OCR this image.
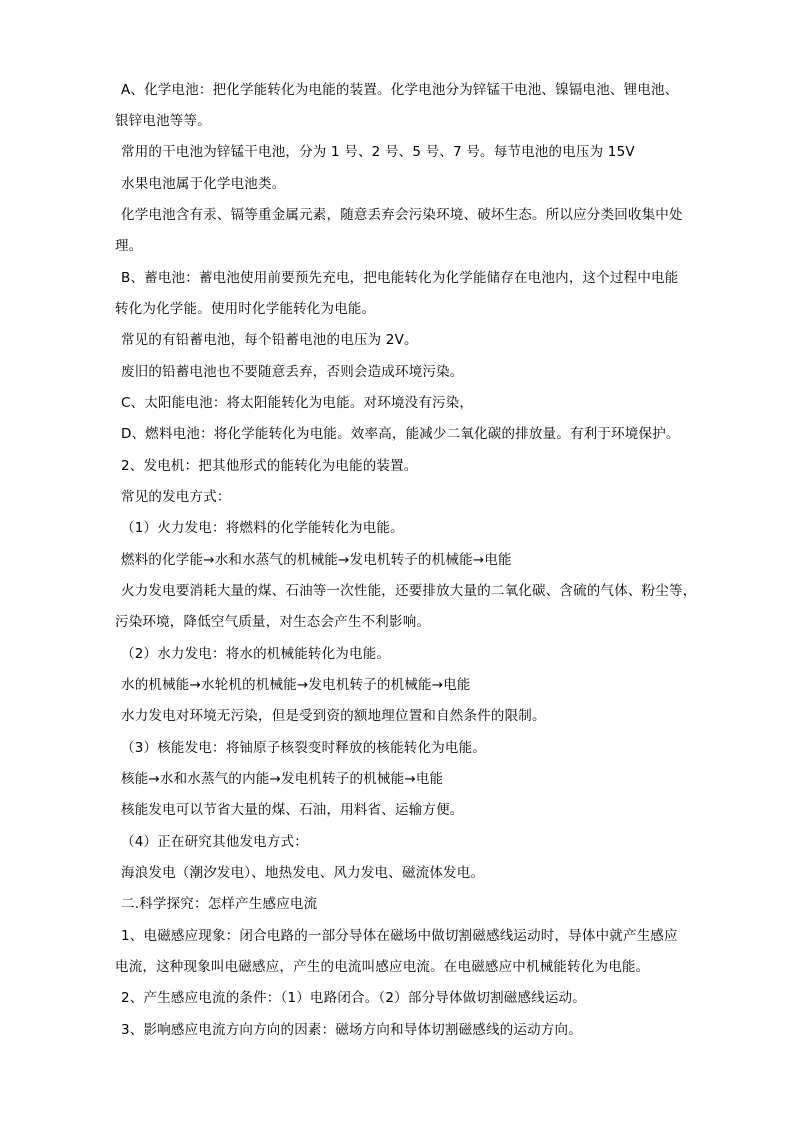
A、化学电池：把化学能转化为电能的装置。化学电池分为锌锰干电池、镍镉电池、锂电池、
银锌电池等等。
常用的干电池为锌锰干电池，分为 1 号、2 号、5 号、7 号。每节电池的电压为 15V
水果电池属于化学电池类。
化学电池含有汞、镉等重金属元素，随意丢弃会污染环境、破坏生态。所以应分类回收集中处
理。
B、蓄电池：蓄电池使用前要预先充电，把电能转化为化学能储存在电池内，这个过程中电能
转化为化学能。使用时化学能转化为电能。
常见的有铅蓄电池，每个铅蓄电池的电压为 2V。
废旧的铅蓄电池也不要随意丢弃，否则会造成环境污染。
C、太阳能电池：将太阳能转化为电能。对环境没有污染，
D、燃料电池：将化学能转化为电能。效率高，能减少二氧化碳的排放量。有利于环境保护。
2、发电机：把其他形式的能转化为电能的装置。
常见的发电方式：
（1）火力发电：将燃料的化学能转化为电能。
燃料的化学能→水和水蒸气的机械能→发电机转子的机械能→电能
火力发电要消耗大量的煤、石油等一次性能，还要排放大量的二氧化碳、含硫的气体、粉尘等，
污染环境，降低空气质量，对生态会产生不利影响。
（2）水力发电：将水的机械能转化为电能。
水的机械能→水轮机的机械能→发电机转子的机械能→电能
水力发电对环境无污染，但是受到资的额地理位置和自然条件的限制。
（3）核能发电：将铀原子核裂变时释放的核能转化为电能。
核能→水和水蒸气的内能→发电机转子的机械能→电能
核能发电可以节省大量的煤、石油，用料省、运输方便。
（4）正在研究其他发电方式：
海浪发电（潮汐发电）、地热发电、风力发电、磁流体发电。
二.科学探究：怎样产生感应电流
1、电磁感应现象：闭合电路的一部分导体在磁场中做切割磁感线运动时，导体中就产生感应
电流，这种现象叫电磁感应，产生的电流叫感应电流。在电磁感应中机械能转化为电能。
2、产生感应电流的条件：（1）电路闭合。（2）部分导体做切割磁感线运动。
3、影响感应电流方向方向的因素：磁场方向和导体切割磁感线的运动方向。
